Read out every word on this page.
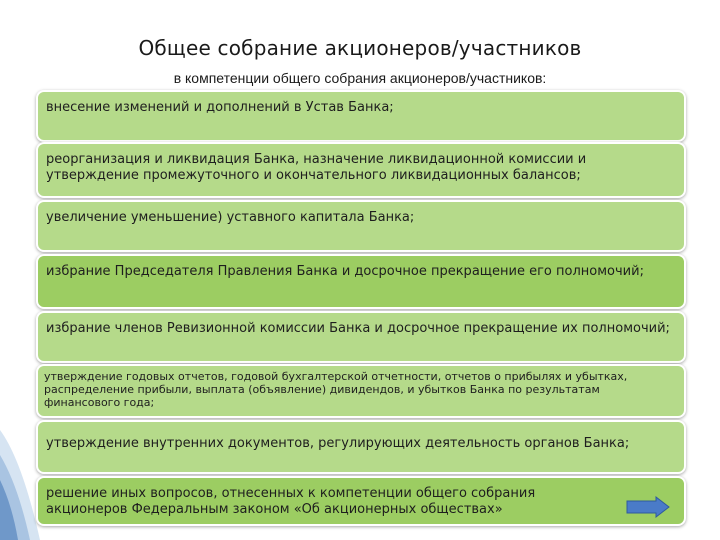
Общее собрание акционеров/участников
в компетенции общего собрания акционеров/участников:
внесение изменений и дополнений в Устав Банка;
реорганизация и ликвидация Банка, назначение ликвидационной комиссии и утверждение промежуточного и окончательного ликвидационных балансов;
увеличение уменьшение) уставного капитала Банка;
избрание Председателя Правления Банка и досрочное прекращение его полномочий;
избрание членов Ревизионной комиссии Банка и досрочное прекращение их полномочий;
утверждение годовых отчетов, годовой бухгалтерской отчетности, отчетов о прибылях и убытках, распределение прибыли, выплата (объявление) дивидендов, и убытков Банка по результатам финансового года;
утверждение внутренних документов, регулирующих деятельность органов Банка;
решение иных вопросов, отнесенных к компетенции общего собрания акционеров Федеральным законом «Об акционерных обществах»
